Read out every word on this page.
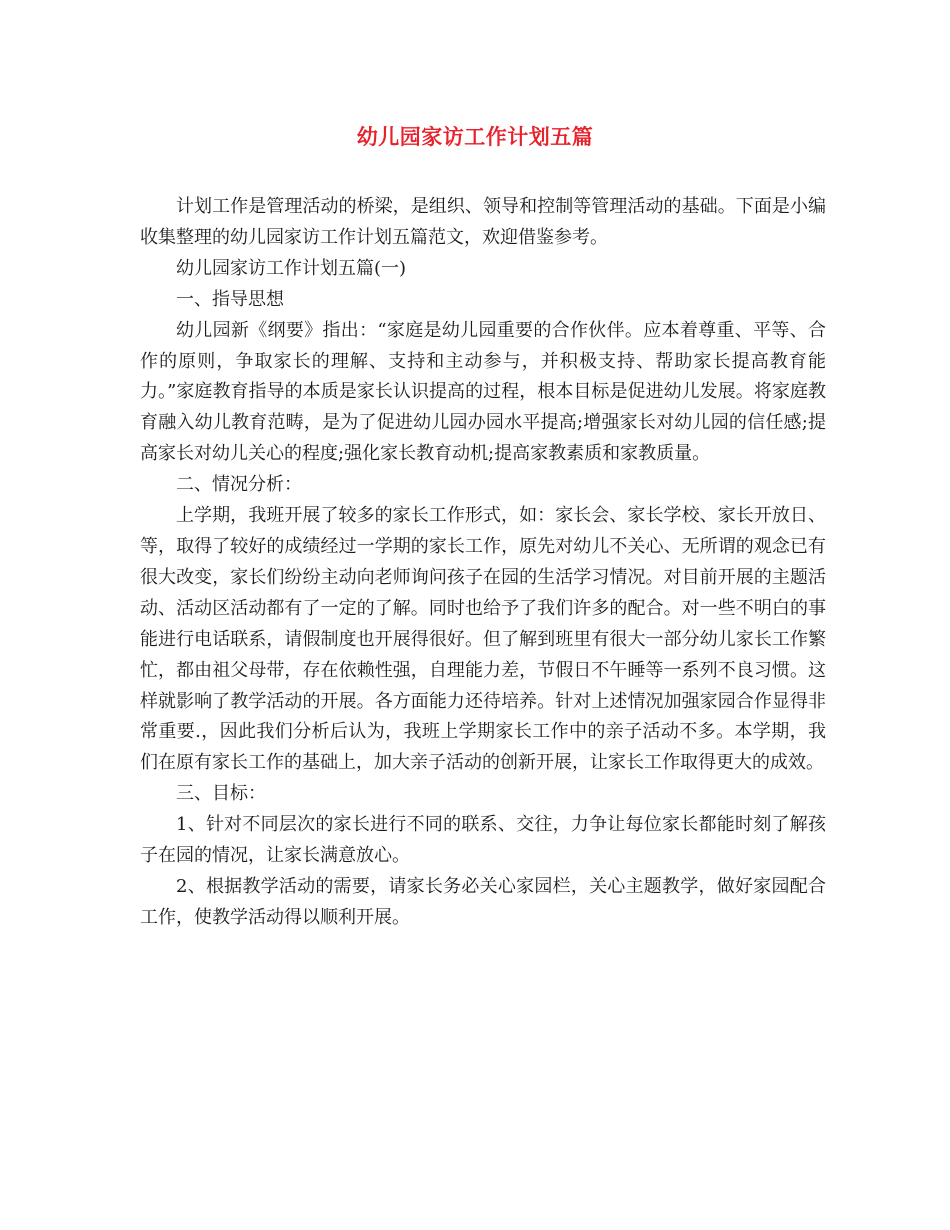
幼儿园家访工作计划五篇

计划工作是管理活动的桥梁，是组织、领导和控制等管理活动的基础。下面是小编收集整理的幼儿园家访工作计划五篇范文，欢迎借鉴参考。

幼儿园家访工作计划五篇(一)

一、指导思想

幼儿园新《纲要》指出：“家庭是幼儿园重要的合作伙伴。应本着尊重、平等、合作的原则，争取家长的理解、支持和主动参与，并积极支持、帮助家长提高教育能力。”家庭教育指导的本质是家长认识提高的过程，根本目标是促进幼儿发展。将家庭教育融入幼儿教育范畴，是为了促进幼儿园办园水平提高;增强家长对幼儿园的信任感;提高家长对幼儿关心的程度;强化家长教育动机;提高家教素质和家教质量。

二、情况分析：

上学期，我班开展了较多的家长工作形式，如：家长会、家长学校、家长开放日、等，取得了较好的成绩经过一学期的家长工作，原先对幼儿不关心、无所谓的观念已有很大改变，家长们纷纷主动向老师询问孩子在园的生活学习情况。对目前开展的主题活动、活动区活动都有了一定的了解。同时也给予了我们许多的配合。对一些不明白的事能进行电话联系，请假制度也开展得很好。但了解到班里有很大一部分幼儿家长工作繁忙，都由祖父母带，存在依赖性强，自理能力差，节假日不午睡等一系列不良习惯。这样就影响了教学活动的开展。各方面能力还待培养。针对上述情况加强家园合作显得非常重要.，因此我们分析后认为，我班上学期家长工作中的亲子活动不多。本学期，我们在原有家长工作的基础上，加大亲子活动的创新开展，让家长工作取得更大的成效。

三、目标：

1、针对不同层次的家长进行不同的联系、交往，力争让每位家长都能时刻了解孩子在园的情况，让家长满意放心。

2、根据教学活动的需要，请家长务必关心家园栏，关心主题教学，做好家园配合工作，使教学活动得以顺利开展。
